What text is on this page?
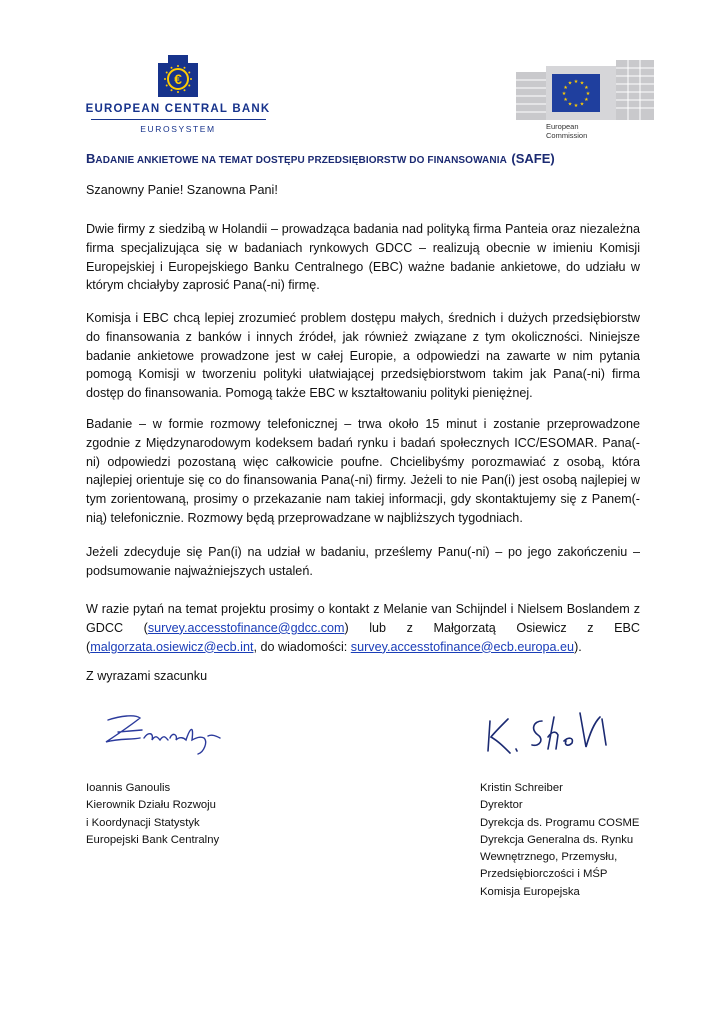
€
EUROPEAN CENTRAL BANK
EUROSYSTEM
★ ★
★
★
★
★
★
★
★
★
★
★
European
Commission
BADANIE ANKIETOWE NA TEMAT DOSTĘPU PRZEDSIĘBIORSTW DO FINANSOWANIA (SAFE)

Szanowny Panie! Szanowna Pani!

Dwie firmy z siedzibą w Holandii – prowadząca badania nad polityką firma Panteia oraz niezależna firma specjalizująca się w badaniach rynkowych GDCC – realizują obecnie w imieniu Komisji Europejskiej i Europejskiego Banku Centralnego (EBC) ważne badanie ankietowe, do udziału w którym chciałyby zaprosić Pana(-ni) firmę.

Komisja i EBC chcą lepiej zrozumieć problem dostępu małych, średnich i dużych przedsiębiorstw do finansowania z banków i innych źródeł, jak również związane z tym okoliczności. Niniejsze badanie ankietowe prowadzone jest w całej Europie, a odpowiedzi na zawarte w nim pytania pomogą Komisji w tworzeniu polityki ułatwiającej przedsiębiorstwom takim jak Pana(-ni) firma dostęp do finansowania. Pomogą także EBC w kształtowaniu polityki pieniężnej.

Badanie – w formie rozmowy telefonicznej – trwa około 15 minut i zostanie przeprowadzone zgodnie z Międzynarodowym kodeksem badań rynku i badań społecznych ICC/ESOMAR. Pana(-ni) odpowiedzi pozostaną więc całkowicie poufne. Chcielibyśmy porozmawiać z osobą, która najlepiej orientuje się co do finansowania Pana(-ni) firmy. Jeżeli to nie Pan(i) jest osobą najlepiej w tym zorientowaną, prosimy o przekazanie nam takiej informacji, gdy skontaktujemy się z Panem(-nią) telefonicznie. Rozmowy będą przeprowadzane w najbliższych tygodniach.

Jeżeli zdecyduje się Pan(i) na udział w badaniu, prześlemy Panu(-ni) – po jego zakończeniu – podsumowanie najważniejszych ustaleń.

W razie pytań na temat projektu prosimy o kontakt z Melanie van Schijndel i Nielsem Boslandem z GDCC (survey.accesstofinance@gdcc.com) lub z Małgorzatą Osiewicz z EBC (malgorzata.osiewicz@ecb.int, do wiadomości: survey.accesstofinance@ecb.europa.eu).

Z wyrazami szacunku

Ioannis Ganoulis
Kierownik Działu Rozwoju
i Koordynacji Statystyk
Europejski Bank Centralny
Kristin Schreiber
Dyrektor
Dyrekcja ds. Programu COSME
Dyrekcja Generalna ds. Rynku
Wewnętrznego, Przemysłu,
Przedsiębiorczości i MŚP
Komisja Europejska
